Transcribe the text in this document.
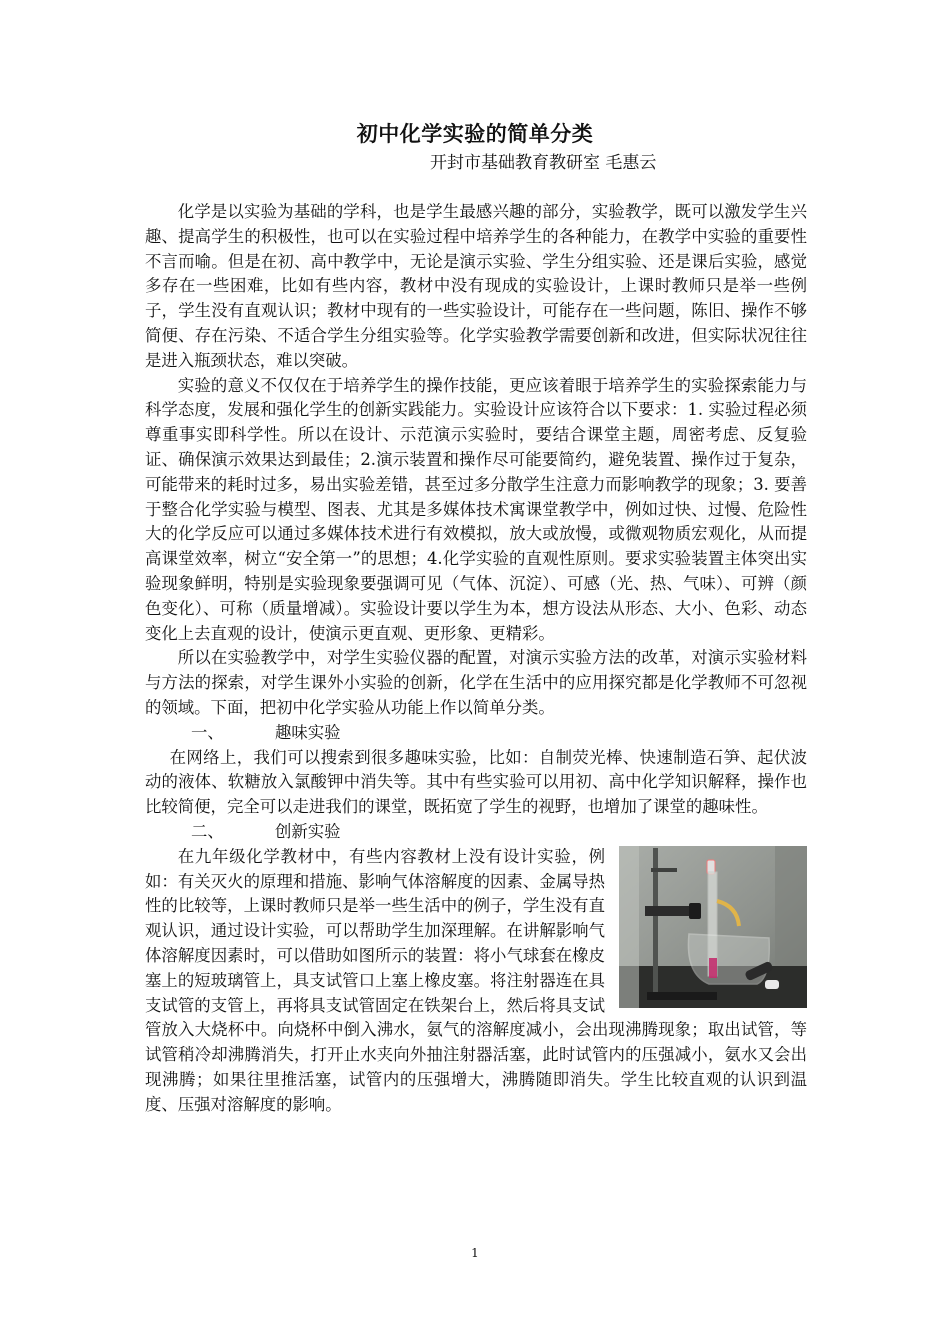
初中化学实验的简单分类
开封市基础教育教研室 毛惠云

化学是以实验为基础的学科，也是学生最感兴趣的部分，实验教学，既可以激发学生兴趣、提高学生的积极性，也可以在实验过程中培养学生的各种能力，在教学中实验的重要性不言而喻。但是在初、高中教学中，无论是演示实验、学生分组实验、还是课后实验，感觉多存在一些困难，比如有些内容，教材中没有现成的实验设计，上课时教师只是举一些例子，学生没有直观认识；教材中现有的一些实验设计，可能存在一些问题，陈旧、操作不够简便、存在污染、不适合学生分组实验等。化学实验教学需要创新和改进，但实际状况往往是进入瓶颈状态，难以突破。

实验的意义不仅仅在于培养学生的操作技能，更应该着眼于培养学生的实验探索能力与科学态度，发展和强化学生的创新实践能力。实验设计应该符合以下要求：1. 实验过程必须尊重事实即科学性。所以在设计、示范演示实验时，要结合课堂主题，周密考虑、反复验证、确保演示效果达到最佳；2.演示装置和操作尽可能要简约，避免装置、操作过于复杂，可能带来的耗时过多，易出实验差错，甚至过多分散学生注意力而影响教学的现象；3. 要善于整合化学实验与模型、图表、尤其是多媒体技术寓课堂教学中，例如过快、过慢、危险性大的化学反应可以通过多媒体技术进行有效模拟，放大或放慢，或微观物质宏观化，从而提高课堂效率，树立“安全第一”的思想；4.化学实验的直观性原则。要求实验装置主体突出实验现象鲜明，特别是实验现象要强调可见（气体、沉淀）、可感（光、热、气味）、可辨（颜色变化）、可称（质量增减）。实验设计要以学生为本，想方设法从形态、大小、色彩、动态变化上去直观的设计，使演示更直观、更形象、更精彩。

所以在实验教学中，对学生实验仪器的配置，对演示实验方法的改革，对演示实验材料与方法的探索，对学生课外小实验的创新，化学在生活中的应用探究都是化学教师不可忽视的领域。下面，把初中化学实验从功能上作以简单分类。

一、	趣味实验

在网络上，我们可以搜索到很多趣味实验，比如：自制荧光棒、快速制造石笋、起伏波动的液体、软糖放入氯酸钾中消失等。其中有些实验可以用初、高中化学知识解释，操作也比较简便，完全可以走进我们的课堂，既拓宽了学生的视野，也增加了课堂的趣味性。

二、	创新实验

在九年级化学教材中，有些内容教材上没有设计实验，例如：有关灭火的原理和措施、影响气体溶解度的因素、金属导热性的比较等，上课时教师只是举一些生活中的例子，学生没有直观认识，通过设计实验，可以帮助学生加深理解。在讲解影响气体溶解度因素时，可以借助如图所示的装置：将小气球套在橡皮塞上的短玻璃管上，具支试管口上塞上橡皮塞。将注射器连在具支试管的支管上，再将具支试管固定在铁架台上，然后将具支试管放入大烧杯中。向烧杯中倒入沸水，氨气的溶解度减小，会出现沸腾现象；取出试管，等试管稍冷却沸腾消失，打开止水夹向外抽注射器活塞，此时试管内的压强减小，氨水又会出现沸腾；如果往里推活塞，试管内的压强增大，沸腾随即消失。学生比较直观的认识到温度、压强对溶解度的影响。

1
